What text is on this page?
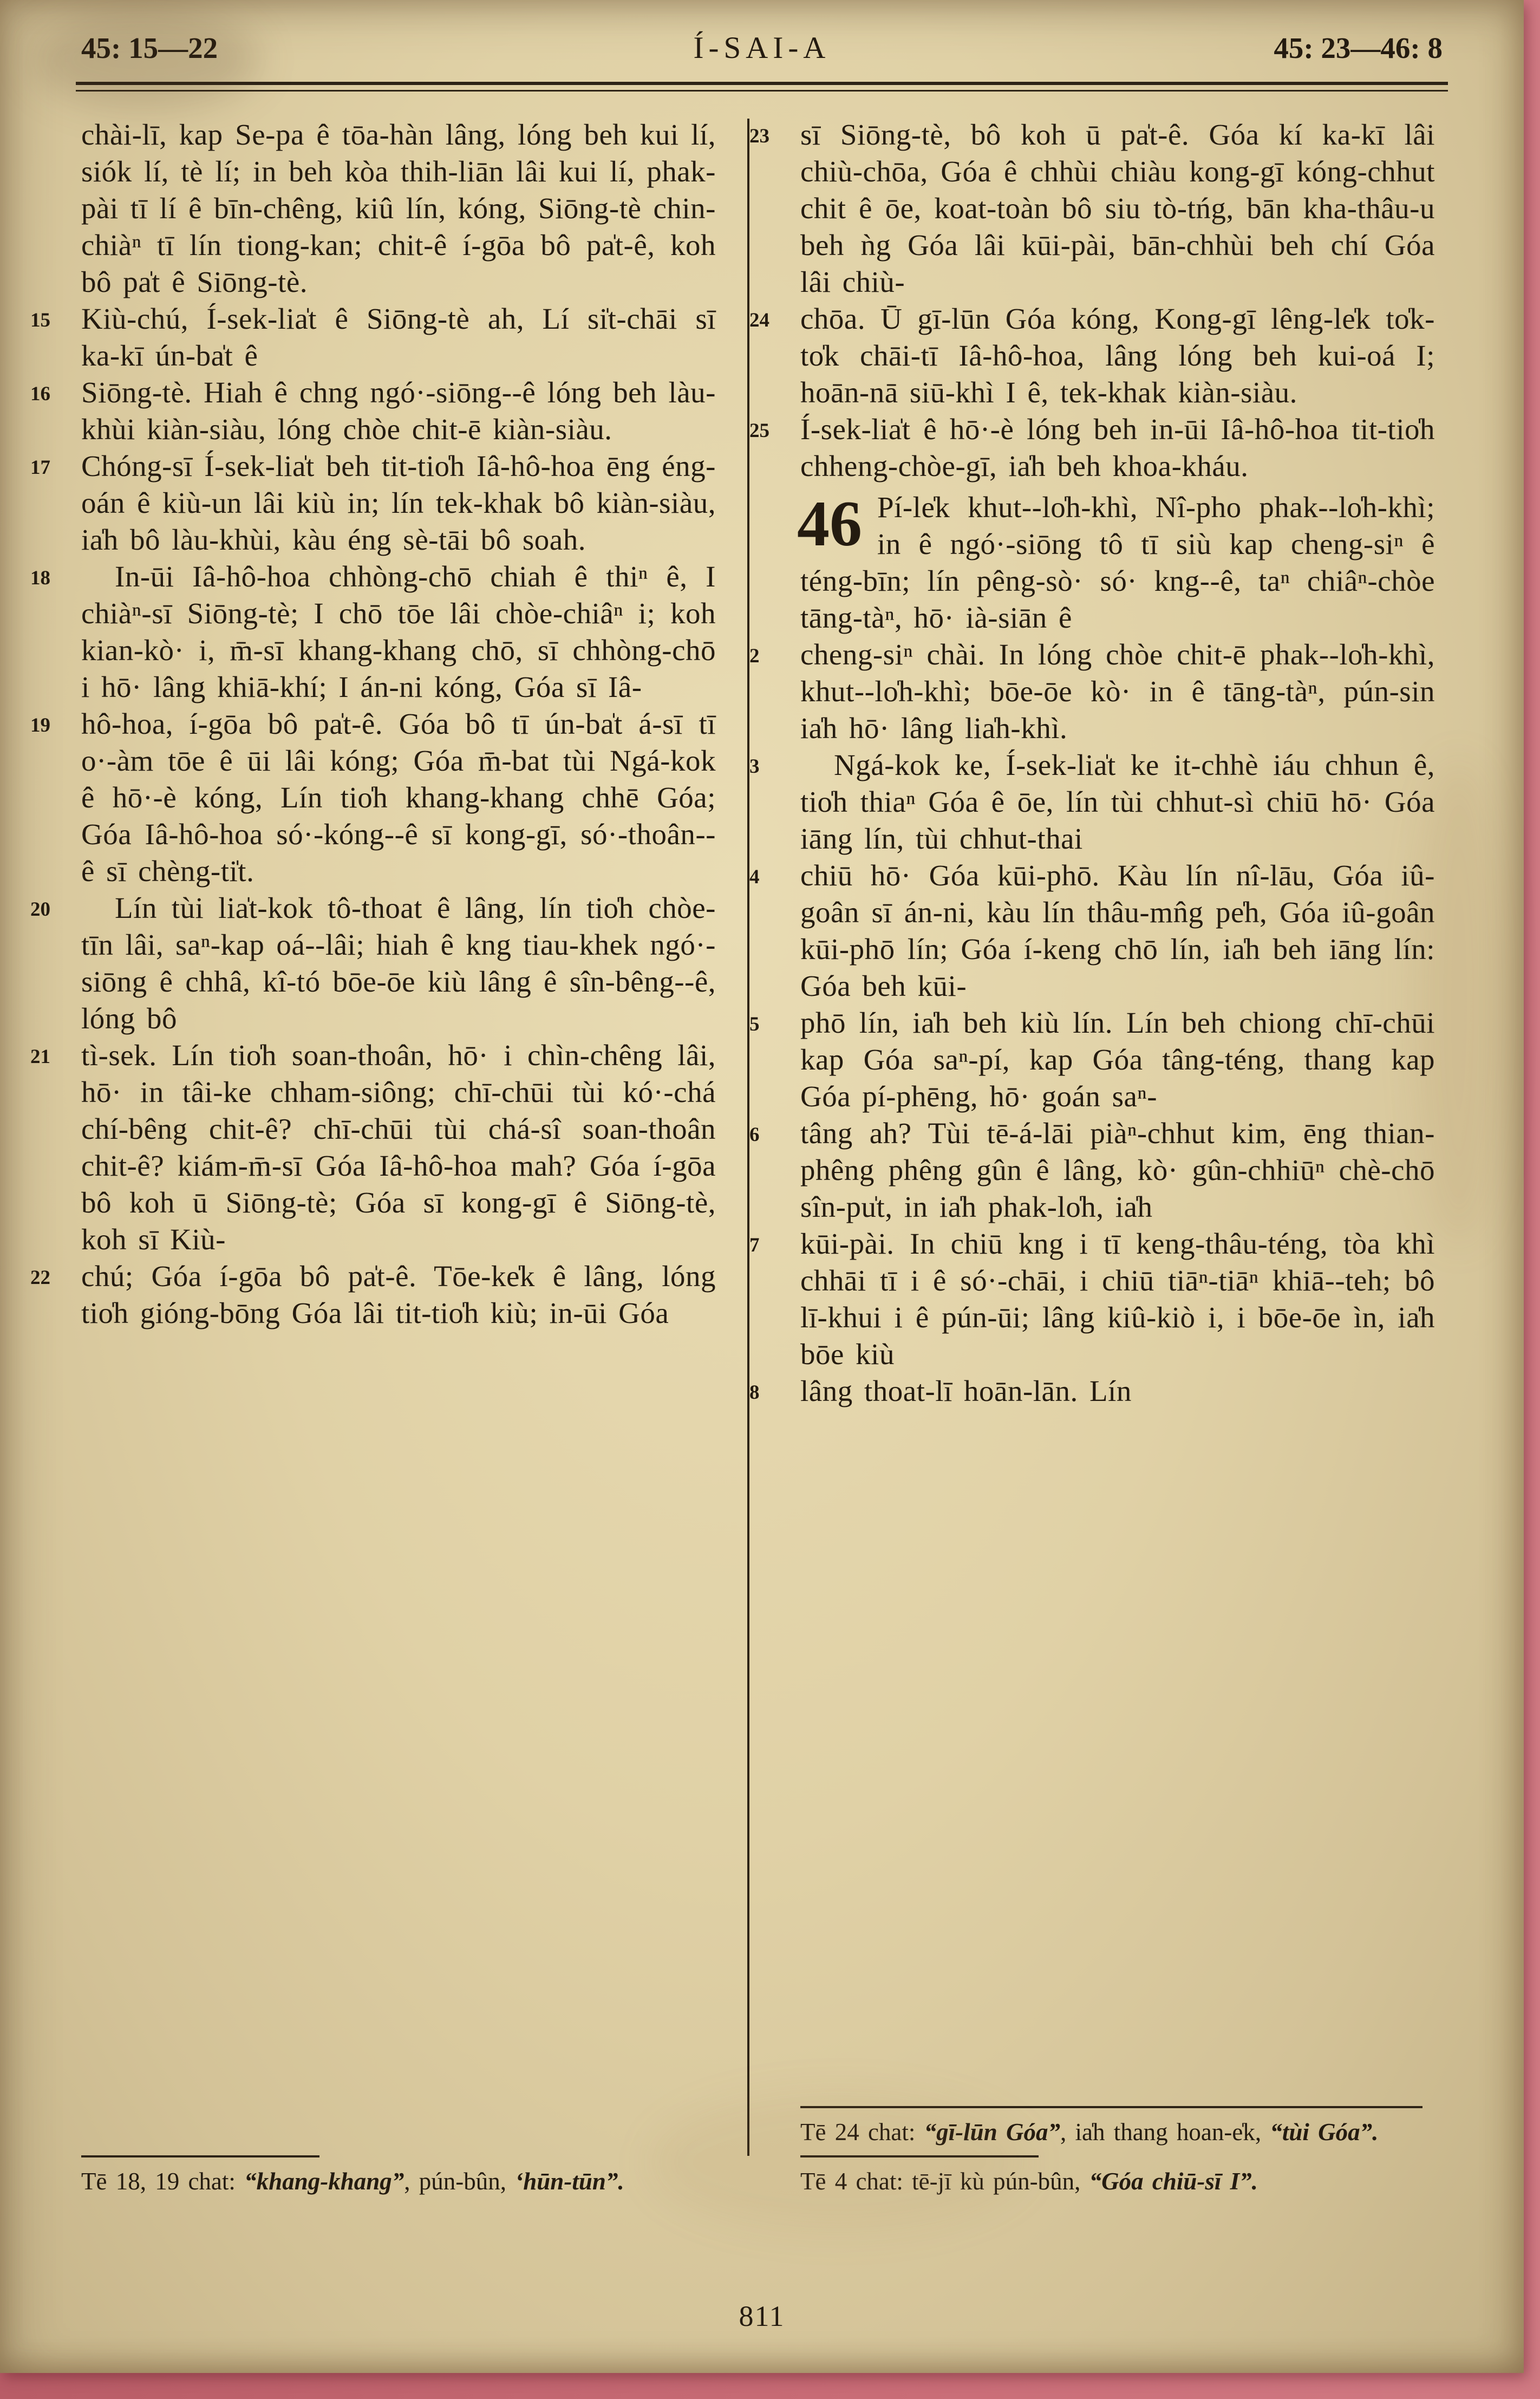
45: 15—22	Í-SAI-A	45: 23—46: 8

chài-lī, kap Se-pa ê tōa-hàn lâng, lóng beh kui lí, siók lí, tè lí; in beh kòa thih-liān lâi kui lí, phak-pài tī lí ê bīn-chêng, kiû lín, kóng, Siōng-tè chin-chiàⁿ tī lín tiong-kan; chit-ê í-gōa bô pa̍t-ê, koh bô pa̍t ê Siōng-tè.

15 Kiù-chú, Í-sek-lia̍t ê Siōng-tè ah, Lí si̍t-chāi sī ka-kī ún-ba̍t ê

16 Siōng-tè. Hiah ê chng ngó·-siōng--ê lóng beh làu-khùi kiàn-siàu, lóng chòe chit-ē kiàn-siàu.

17 Chóng-sī Í-sek-lia̍t beh tit-tio̍h Iâ-hô-hoa ēng éng-oán ê kiù-un lâi kiù in; lín tek-khak bô kiàn-siàu, ia̍h bô làu-khùi, kàu éng sè-tāi bô soah.

18 In-ūi Iâ-hô-hoa chhòng-chō chiah ê thiⁿ ê, I chiàⁿ-sī Siōng-tè; I chō tōe lâi chòe-chiâⁿ i; koh kian-kò· i, m̄-sī khang-khang chō, sī chhòng-chō i hō· lâng khiā-khí; I án-ni kóng, Góa sī Iâ-

19 hô-hoa, í-gōa bô pa̍t-ê. Góa bô tī ún-ba̍t á-sī tī o·-àm tōe ê ūi lâi kóng; Góa m̄-bat tùi Ngá-kok ê hō·-è kóng, Lín tio̍h khang-khang chhē Góa; Góa Iâ-hô-hoa só·-kóng--ê sī kong-gī, só·-thoân--ê sī chèng-ti̍t.

20 Lín tùi lia̍t-kok tô-thoat ê lâng, lín tio̍h chòe-tīn lâi, saⁿ-kap oá--lâi; hiah ê kng tiau-khek ngó·-siōng ê chhâ, kî-tó bōe-ōe kiù lâng ê sîn-bêng--ê, lóng bô

21 tì-sek. Lín tio̍h soan-thoân, hō· i chìn-chêng lâi, hō· in tâi-ke chham-siông; chī-chūi tùi kó·-chá chí-bêng chit-ê? chī-chūi tùi chá-sî soan-thoân chit-ê? kiám-m̄-sī Góa Iâ-hô-hoa mah? Góa í-gōa bô koh ū Siōng-tè; Góa sī kong-gī ê Siōng-tè, koh sī Kiù-

22 chú; Góa í-gōa bô pa̍t-ê. Tōe-ke̍k ê lâng, lóng tio̍h gióng-bōng Góa lâi tit-tio̍h kiù; in-ūi Góa

Tē 18, 19 chat: “khang-khang”, pún-bûn, ‘hūn-tūn”.

23 sī Siōng-tè, bô koh ū pa̍t-ê. Góa kí ka-kī lâi chiù-chōa, Góa ê chhùi chiàu kong-gī kóng-chhut chit ê ōe, koat-toàn bô siu tò-tńg, bān kha-thâu-u beh ǹg Góa lâi kūi-pài, bān-chhùi beh chí Góa lâi chiù-

24 chōa. Ū gī-lūn Góa kóng, Kong-gī lêng-le̍k to̍k-to̍k chāi-tī Iâ-hô-hoa, lâng lóng beh kui-oá I; hoān-nā siū-khì I ê, tek-khak kiàn-siàu.

25 Í-sek-lia̍t ê hō·-è lóng beh in-ūi Iâ-hô-hoa tit-tio̍h chheng-chòe-gī, ia̍h beh khoa-kháu.

46 Pí-le̍k khut--lo̍h-khì, Nî-pho phak--lo̍h-khì; in ê ngó·-siōng tô tī siù kap cheng-siⁿ ê téng-bīn; lín pêng-sò· só· kng--ê, taⁿ chiâⁿ-chòe tāng-tàⁿ, hō· ià-siān ê

2 cheng-siⁿ chài. In lóng chòe chit-ē phak--lo̍h-khì, khut--lo̍h-khì; bōe-ōe kò· in ê tāng-tàⁿ, pún-sin ia̍h hō· lâng lia̍h-khì.

3	Ngá-kok ke, Í-sek-lia̍t ke it-chhè iáu chhun ê, tio̍h thiaⁿ Góa ê ōe, lín tùi chhut-sì chiū hō· Góa iāng lín, tùi chhut-thai

4 chiū hō· Góa kūi-phō. Kàu lín nî-lāu, Góa iû-goân sī án-ni, kàu lín thâu-mn̂g pe̍h, Góa iû-goân kūi-phō lín; Góa í-keng chō lín, ia̍h beh iāng lín: Góa beh kūi-

5 phō lín, ia̍h beh kiù lín. Lín beh chiong chī-chūi kap Góa saⁿ-pí, kap Góa tâng-téng, thang kap Góa pí-phēng, hō· goán saⁿ-

6 tâng ah? Tùi tē-á-lāi piàⁿ-chhut kim, ēng thian-phêng phêng gûn ê lâng, kò· gûn-chhiūⁿ chè-chō sîn-pu̍t, in ia̍h phak-lo̍h, ia̍h

7 kūi-pài. In chiū kng i tī keng-thâu-téng, tòa khì chhāi tī i ê só·-chāi, i chiū tiāⁿ-tiāⁿ khiā--teh; bô lī-khui i ê pún-ūi; lâng kiû-kiò i, i bōe-ōe ìn, ia̍h bōe kiù

8 lâng thoat-lī hoān-lān. Lín

Tē 24 chat: “gī-lūn Góa”, ia̍h thang hoan-e̍k, “tùi Góa”.

Tē 4 chat: tē-jī kù pún-bûn, “Góa chiū-sī I”.

811
